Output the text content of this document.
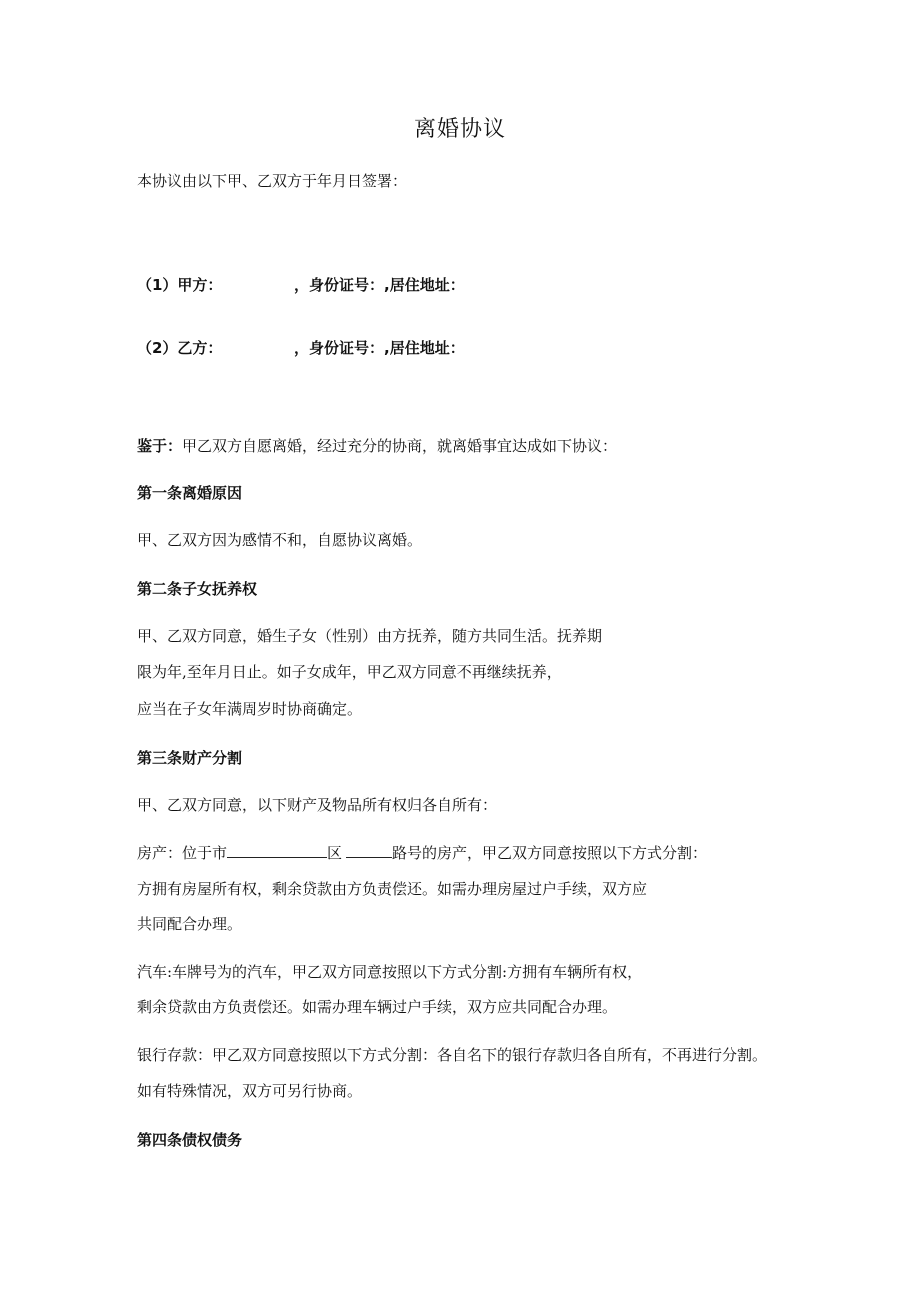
离婚协议
本协议由以下甲、乙双方于年月日签署：
（1）甲方：	，身份证号：,居住地址：
（2）乙方：	，身份证号：,居住地址：
鉴于：甲乙双方自愿离婚，经过充分的协商，就离婚事宜达成如下协议：
第一条离婚原因
甲、乙双方因为感情不和，自愿协议离婚。
第二条子女抚养权
甲、乙双方同意，婚生子女（性别）由方抚养，随方共同生活。抚养期
限为年,至年月日止。如子女成年，甲乙双方同意不再继续抚养，
应当在子女年满周岁时协商确定。
第三条财产分割
甲、乙双方同意，以下财产及物品所有权归各自所有：
房产：位于市	区	路号的房产，甲乙双方同意按照以下方式分割：
方拥有房屋所有权，剩余贷款由方负责偿还。如需办理房屋过户手续，双方应
共同配合办理。
汽车:车牌号为的汽车，甲乙双方同意按照以下方式分割:方拥有车辆所有权，
剩余贷款由方负责偿还。如需办理车辆过户手续，双方应共同配合办理。
银行存款：甲乙双方同意按照以下方式分割：各自名下的银行存款归各自所有，不再进行分割。
如有特殊情况，双方可另行协商。
第四条债权债务
